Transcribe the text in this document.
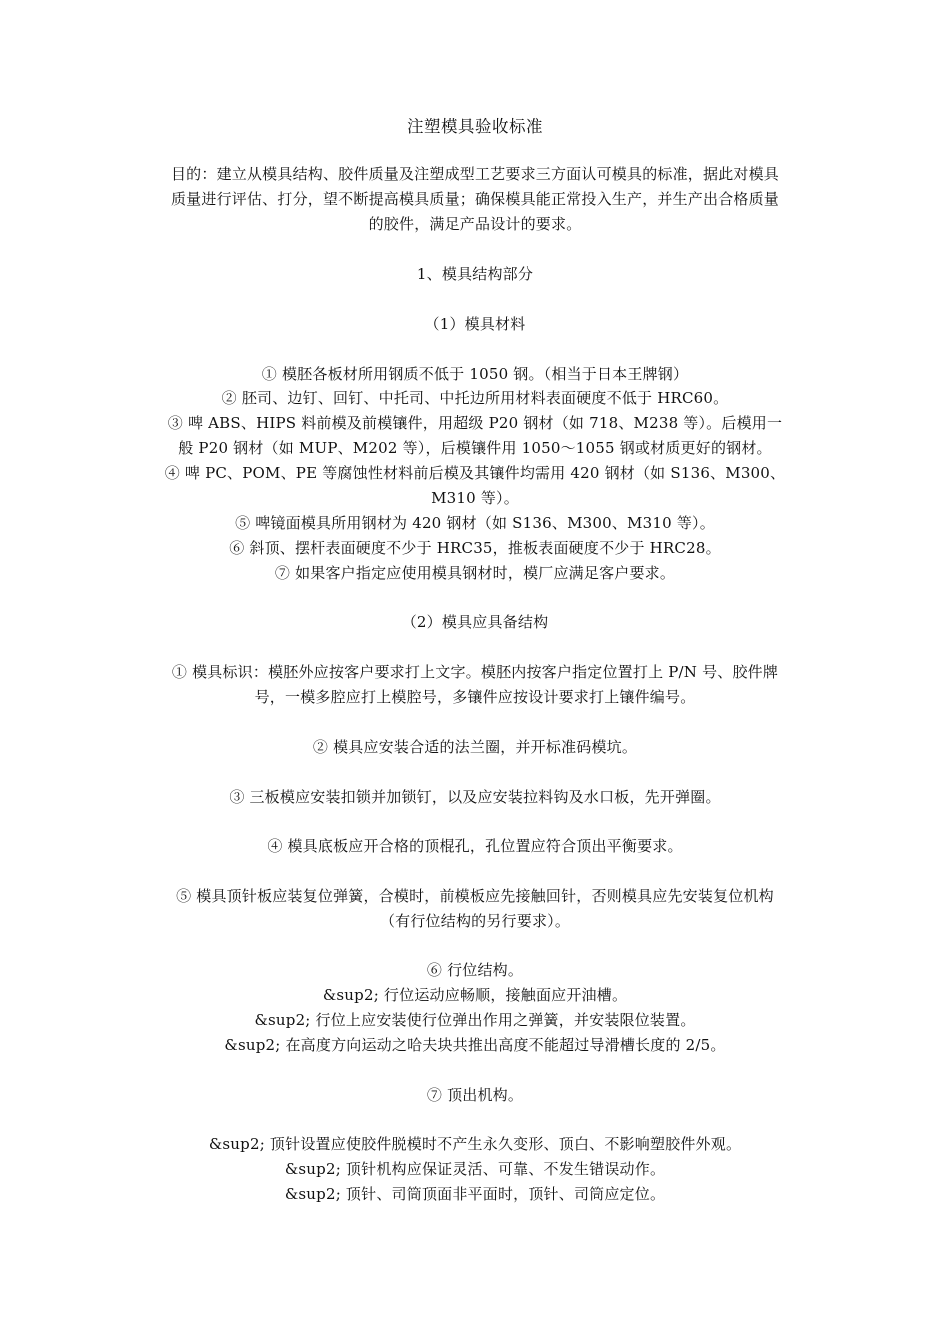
注塑模具验收标准
目的：建立从模具结构、胶件质量及注塑成型工艺要求三方面认可模具的标准，据此对模具
质量进行评估、打分，望不断提高模具质量；确保模具能正常投入生产，并生产出合格质量
的胶件，满足产品设计的要求。
1、模具结构部分
（1）模具材料
① 模胚各板材所用钢质不低于 1050 钢。（相当于日本王牌钢）
② 胚司、边钉、回钉、中托司、中托边所用材料表面硬度不低于 HRC60。
③ 啤 ABS、HIPS 料前模及前模镶件，用超级 P20 钢材（如 718、M238 等）。后模用一
般 P20 钢材（如 MUP、M202 等），后模镶件用 1050～1055 钢或材质更好的钢材。
④ 啤 PC、POM、PE 等腐蚀性材料前后模及其镶件均需用 420 钢材（如 S136、M300、
M310 等）。
⑤ 啤镜面模具所用钢材为 420 钢材（如 S136、M300、M310 等）。
⑥ 斜顶、摆杆表面硬度不少于 HRC35，推板表面硬度不少于 HRC28。
⑦ 如果客户指定应使用模具钢材时，模厂应满足客户要求。
（2）模具应具备结构
① 模具标识：模胚外应按客户要求打上文字。模胚内按客户指定位置打上 P/N 号、胶件牌
号，一模多腔应打上模腔号，多镶件应按设计要求打上镶件编号。
② 模具应安装合适的法兰圈，并开标准码模坑。
③ 三板模应安装扣锁并加锁钉，以及应安装拉料钩及水口板，先开弹圈。
④ 模具底板应开合格的顶棍孔，孔位置应符合顶出平衡要求。
⑤ 模具顶针板应装复位弹簧，合模时，前模板应先接触回针，否则模具应先安装复位机构
（有行位结构的另行要求）。
⑥ 行位结构。
&sup2; 行位运动应畅顺，接触面应开油槽。
&sup2; 行位上应安装使行位弹出作用之弹簧，并安装限位装置。
&sup2; 在高度方向运动之哈夫块共推出高度不能超过导滑槽长度的 2/5。
⑦ 顶出机构。
&sup2; 顶针设置应使胶件脱模时不产生永久变形、顶白、不影响塑胶件外观。
&sup2; 顶针机构应保证灵活、可靠、不发生错误动作。
&sup2; 顶针、司筒顶面非平面时，顶针、司筒应定位。
